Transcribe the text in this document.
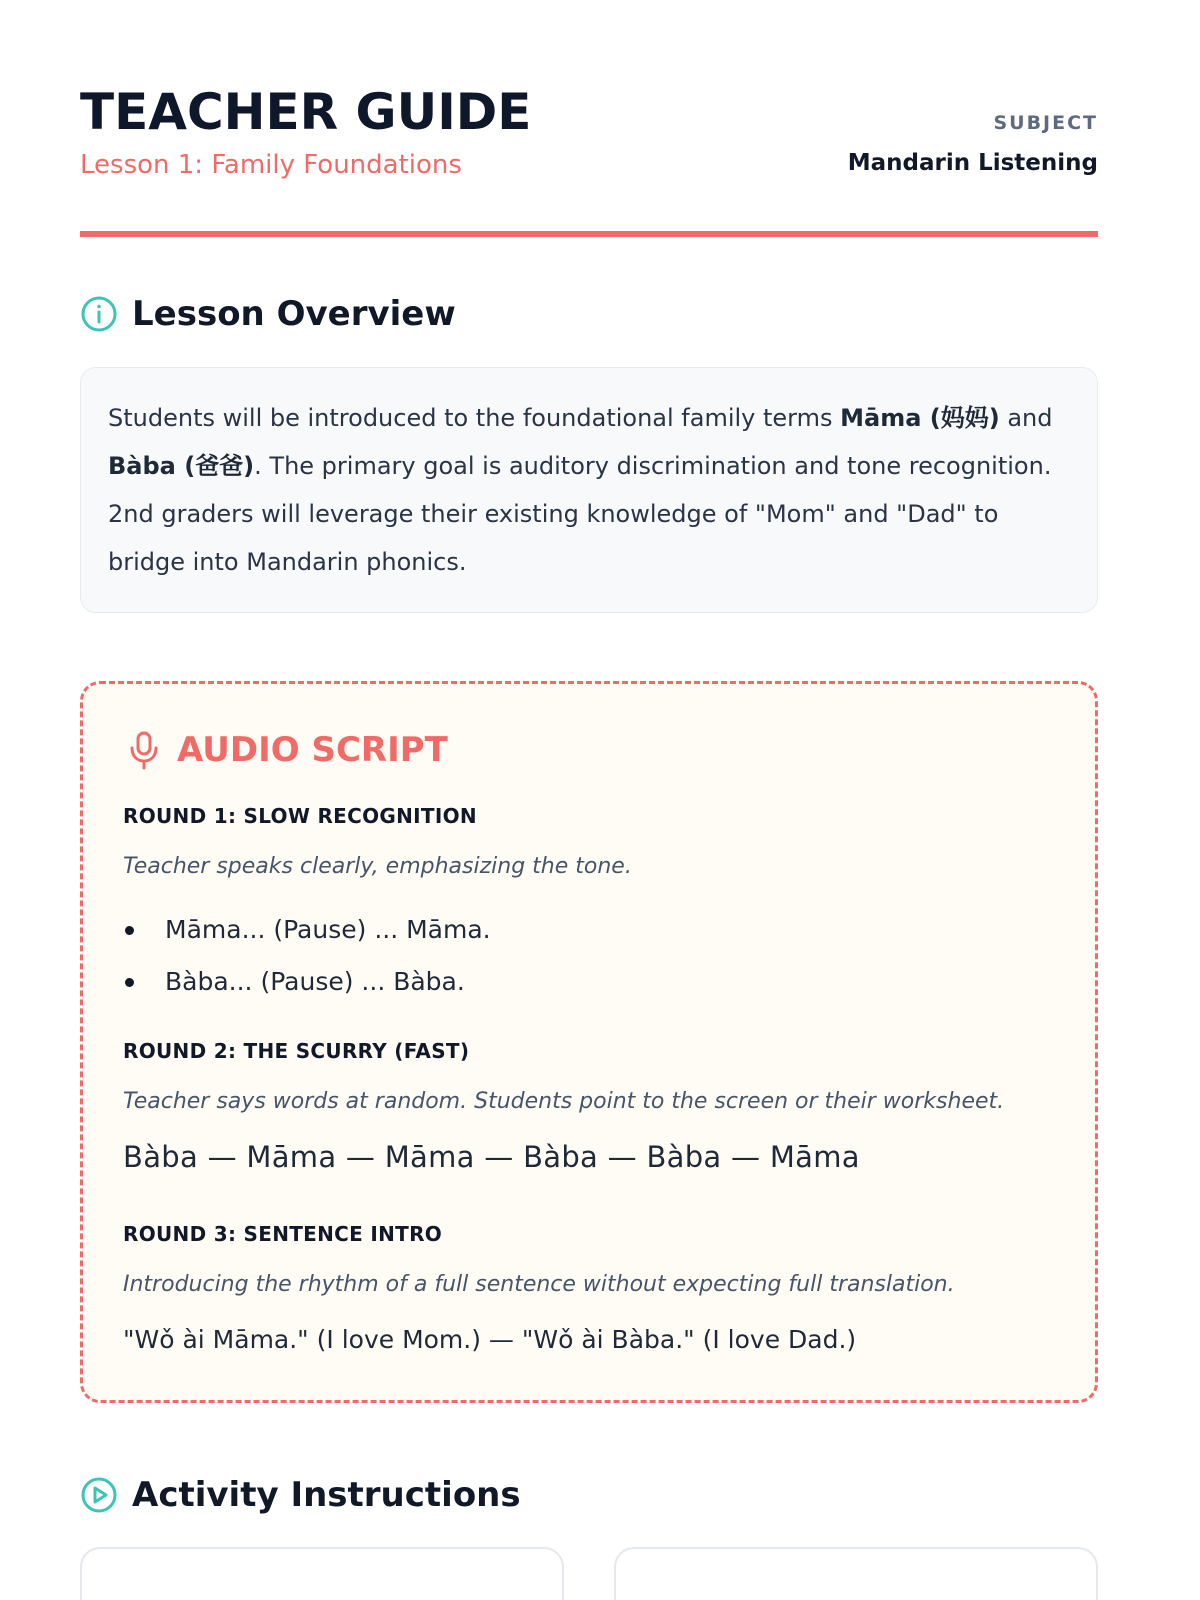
TEACHER GUIDE
Lesson 1: Family Foundations
SUBJECT
Mandarin Listening
Lesson Overview

Students will be introduced to the foundational family terms Māma (妈妈) and Bàba (爸爸). The primary goal is auditory discrimination and tone recognition. 2nd graders will leverage their existing knowledge of "Mom" and "Dad" to bridge into Mandarin phonics.

AUDIO SCRIPT
ROUND 1: SLOW RECOGNITION
Teacher speaks clearly, emphasizing the tone.
Māma... (Pause) ... Māma.
Bàba... (Pause) ... Bàba.
ROUND 2: THE SCURRY (FAST)
Teacher says words at random. Students point to the screen or their worksheet.
Bàba — Māma — Māma — Bàba — Bàba — Māma
ROUND 3: SENTENCE INTRO
Introducing the rhythm of a full sentence without expecting full translation.
"Wǒ ài Māma." (I love Mom.) — "Wǒ ài Bàba." (I love Dad.)
Activity Instructions
